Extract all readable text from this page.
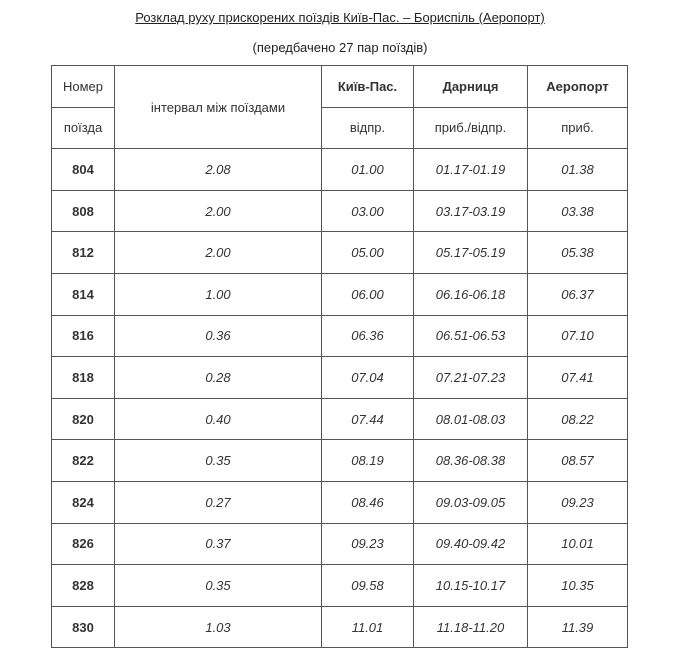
Розклад руху прискорених поїздів Київ-Пас. – Бориспіль (Аеропорт)
(передбачено 27 пар поїздів)
Номер	інтервал між поїздами	Київ-Пас.	Дарниця	Аеропорт
поїзда		відпр.	приб./відпр.	приб.
804	2.08	01.00	01.17-01.19	01.38
808	2.00	03.00	03.17-03.19	03.38
812	2.00	05.00	05.17-05.19	05.38
814	1.00	06.00	06.16-06.18	06.37
816	0.36	06.36	06.51-06.53	07.10
818	0.28	07.04	07.21-07.23	07.41
820	0.40	07.44	08.01-08.03	08.22
822	0.35	08.19	08.36-08.38	08.57
824	0.27	08.46	09.03-09.05	09.23
826	0.37	09.23	09.40-09.42	10.01
828	0.35	09.58	10.15-10.17	10.35
830	1.03	11.01	11.18-11.20	11.39
